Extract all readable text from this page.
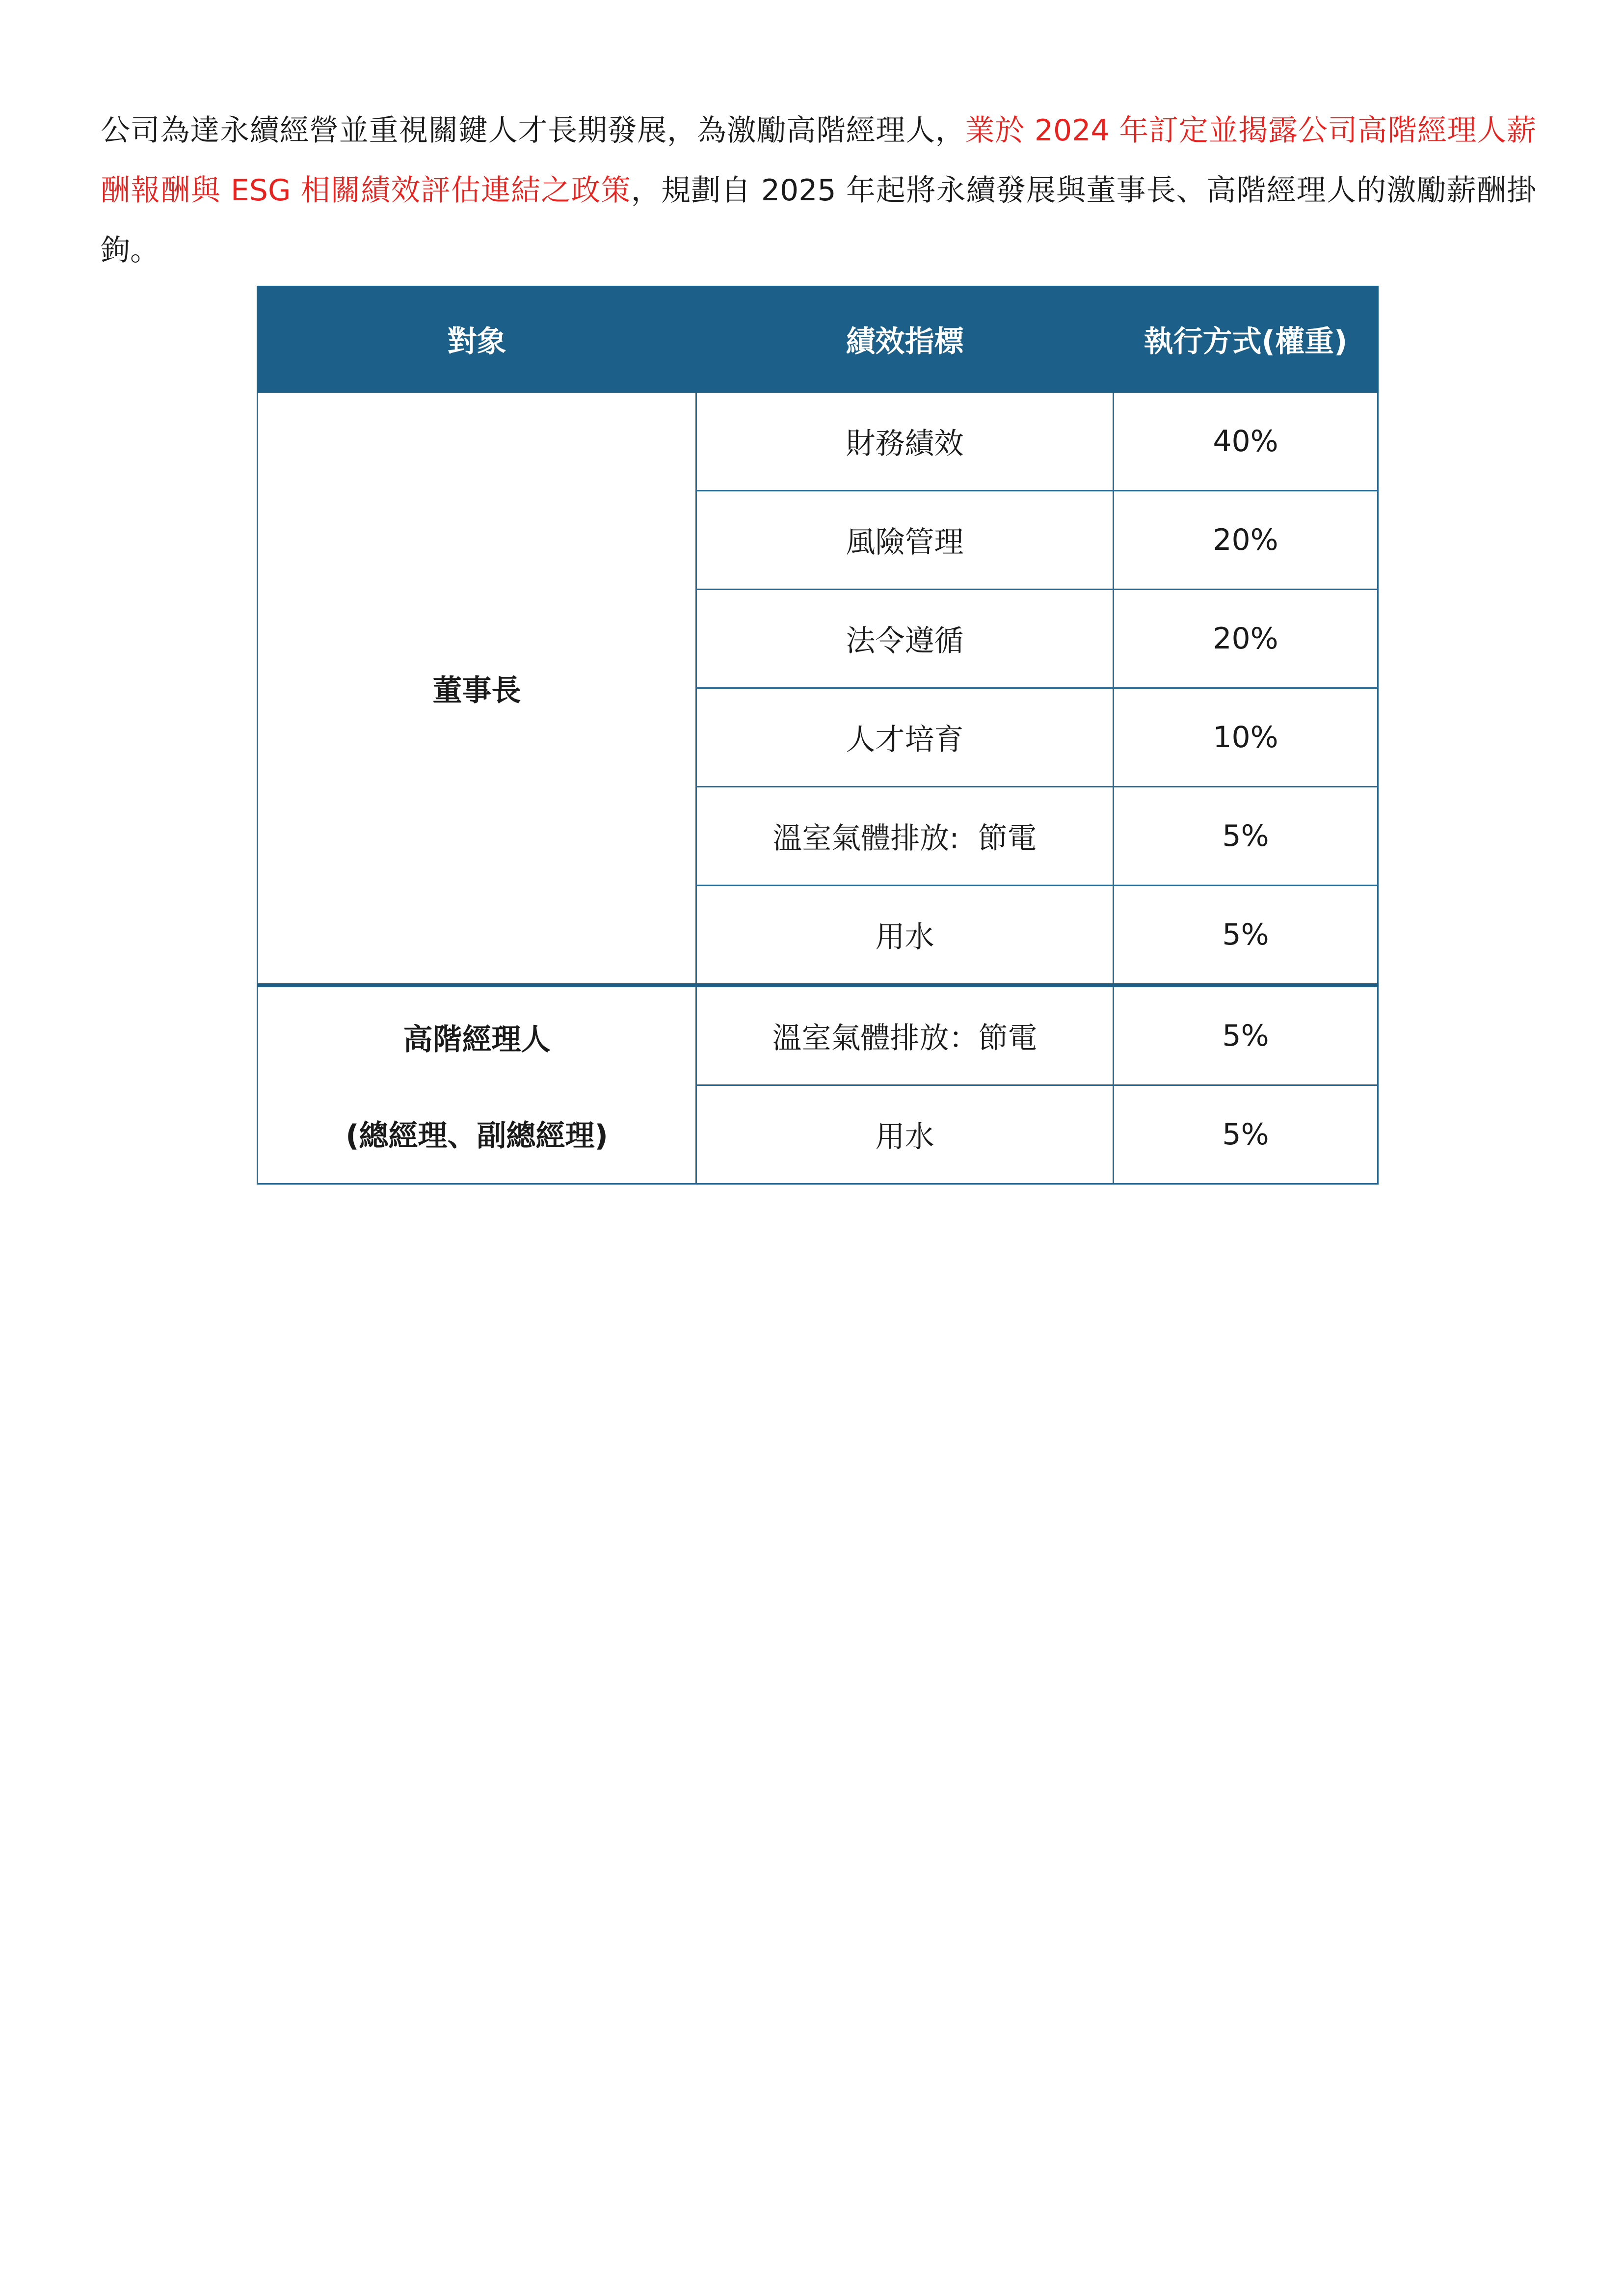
公司為達永續經營並重視關鍵人才長期發展，為激勵高階經理人，業於 2024 年訂定並揭露公司高階經理人薪酬報酬與 ESG 相關績效評估連結之政策，規劃自 2025 年起將永續發展與董事長、高階經理人的激勵薪酬掛鉤。

對象	績效指標	執行方式(權重)

董事長	財務績效	40%
	風險管理	20%
	法令遵循	20%
	人才培育	10%
	溫室氣體排放:  節電	5%
	用水	5%

高階經理人
(總經理、副總經理)	溫室氣體排放：節電	5%
	用水	5%
